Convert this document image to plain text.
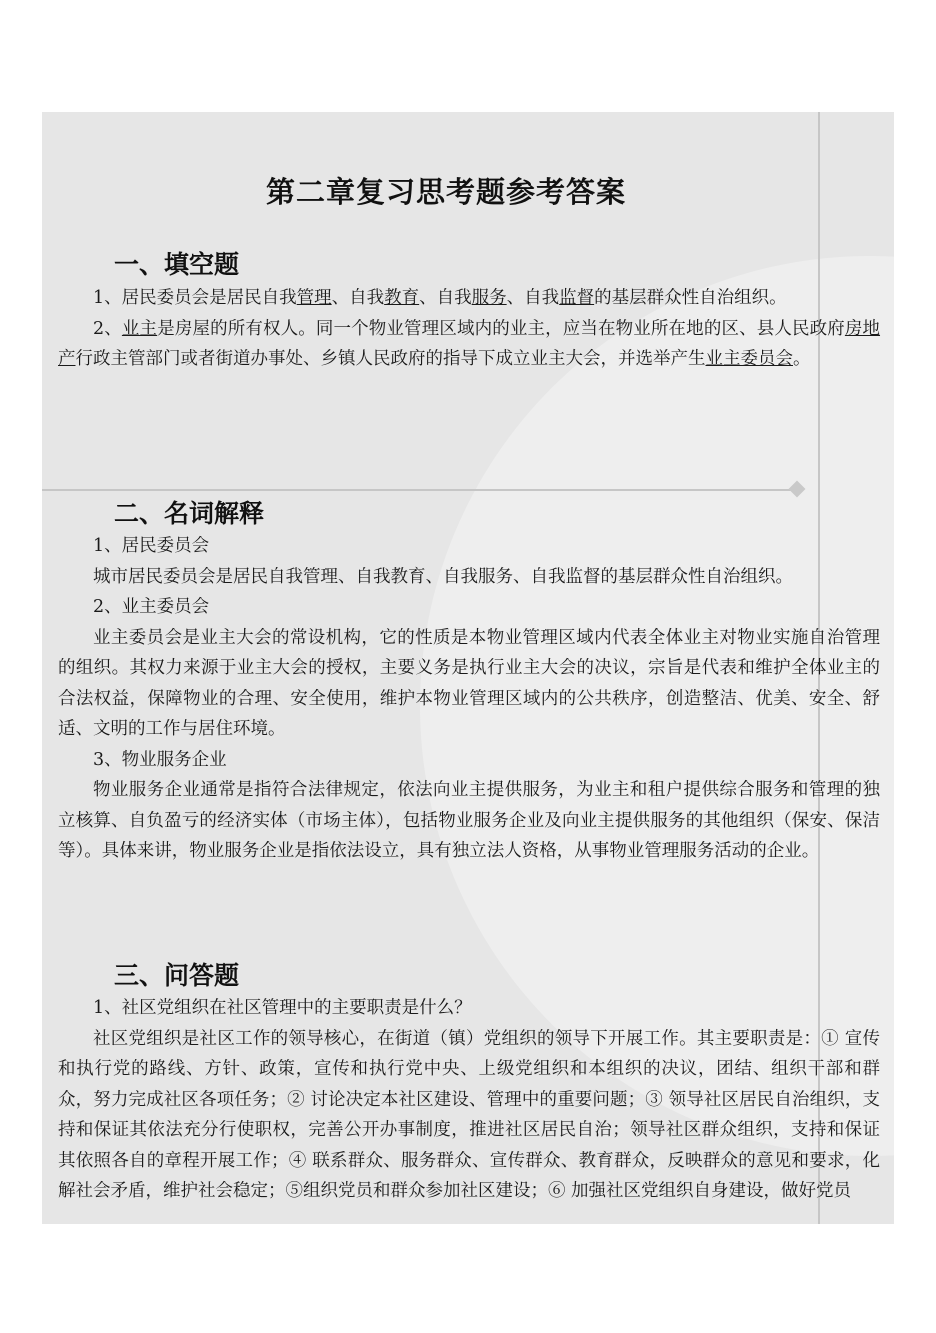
第二章复习思考题参考答案
一、填空题

1、居民委员会是居民自我管理、自我教育、自我服务、自我监督的基层群众性自治组织。

2、业主是房屋的所有权人。同一个物业管理区域内的业主，应当在物业所在地的区、县人民政府房地产行政主管部门或者街道办事处、乡镇人民政府的指导下成立业主大会，并选举产生业主委员会。

二、名词解释

1、居民委员会

城市居民委员会是居民自我管理、自我教育、自我服务、自我监督的基层群众性自治组织。

2、业主委员会

业主委员会是业主大会的常设机构，它的性质是本物业管理区域内代表全体业主对物业实施自治管理的组织。其权力来源于业主大会的授权，主要义务是执行业主大会的决议，宗旨是代表和维护全体业主的合法权益，保障物业的合理、安全使用，维护本物业管理区域内的公共秩序，创造整洁、优美、安全、舒适、文明的工作与居住环境。

3、物业服务企业

物业服务企业通常是指符合法律规定，依法向业主提供服务，为业主和租户提供综合服务和管理的独立核算、自负盈亏的经济实体（市场主体），包括物业服务企业及向业主提供服务的其他组织（保安、保洁等）。具体来讲，物业服务企业是指依法设立，具有独立法人资格，从事物业管理服务活动的企业。

三、问答题

1、社区党组织在社区管理中的主要职责是什么？

社区党组织是社区工作的领导核心，在街道（镇）党组织的领导下开展工作。其主要职责是：① 宣传和执行党的路线、方针、政策，宣传和执行党中央、上级党组织和本组织的决议，团结、组织干部和群众，努力完成社区各项任务；② 讨论决定本社区建设、管理中的重要问题；③ 领导社区居民自治组织，支持和保证其依法充分行使职权，完善公开办事制度，推进社区居民自治；领导社区群众组织，支持和保证其依照各自的章程开展工作；④ 联系群众、服务群众、宣传群众、教育群众，反映群众的意见和要求，化解社会矛盾，维护社会稳定；⑤组织党员和群众参加社区建设；⑥ 加强社区党组织自身建设，做好党员
